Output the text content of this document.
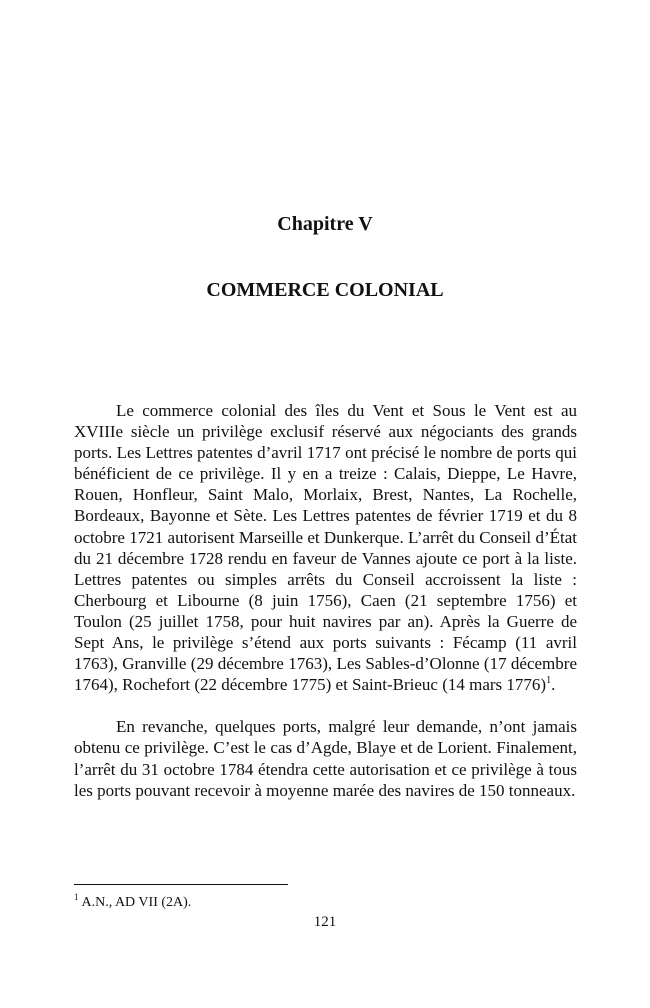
Chapitre V
COMMERCE COLONIAL

Le commerce colonial des îles du Vent et Sous le Vent est au XVIIIe siècle un privilège exclusif réservé aux négociants des grands ports. Les Lettres patentes d’avril 1717 ont précisé le nombre de ports qui bénéficient de ce privilège. Il y en a treize : Calais, Dieppe, Le Havre, Rouen, Honfleur, Saint Malo, Morlaix, Brest, Nantes, La Rochelle, Bordeaux, Bayonne et Sète. Les Lettres patentes de février 1719 et du 8 octobre 1721 autorisent Marseille et Dunkerque. L’arrêt du Conseil d’État du 21 décembre 1728 rendu en faveur de Vannes ajoute ce port à la liste. Lettres patentes ou simples arrêts du Conseil accroissent la liste : Cherbourg et Libourne (8 juin 1756), Caen (21 septembre 1756) et Toulon (25 juillet 1758, pour huit navires par an). Après la Guerre de Sept Ans, le privilège s’étend aux ports suivants : Fécamp (11 avril 1763), Granville (29 décembre 1763), Les Sables-d’Olonne (17 décembre 1764), Rochefort (22 décembre 1775) et Saint-Brieuc (14 mars 1776)$^1$.

En revanche, quelques ports, malgré leur demande, n’ont jamais obtenu ce privilège. C’est le cas d’Agde, Blaye et de Lorient. Finalement, l’arrêt du 31 octobre 1784 étendra cette autorisation et ce privilège à tous les ports pouvant recevoir à moyenne marée des navires de 150 tonneaux.

$^1$ A.N., AD VII (2A).
121
